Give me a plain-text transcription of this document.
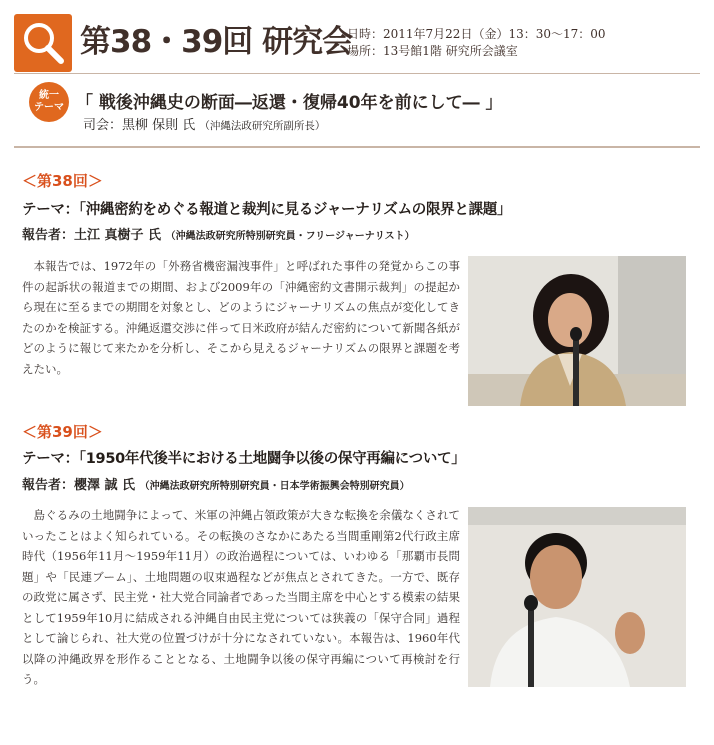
第38・39回 研究会
日時：2011年7月22日（金）13：30～17：00
場所：13号館1階 研究所会議室
統一
テーマ 「 戦後沖縄史の断面―返還・復帰40年を前にして― 」
司会：黒柳 保則 氏 （沖縄法政研究所副所長）
＜第38回＞
テーマ：「沖縄密約をめぐる報道と裁判に見るジャーナリズムの限界と課題」
報告者：土江 真樹子 氏 （沖縄法政研究所特別研究員・フリージャーナリスト）

本報告では、1972年の「外務省機密漏洩事件」と呼ばれた事件の発覚からこの事件の起訴状の報道までの期間、および2009年の「沖縄密約文書開示裁判」の提起から現在に至るまでの期間を対象とし、どのようにジャーナリズムの焦点が変化してきたのかを検証する。沖縄返還交渉に伴って日米政府が結んだ密約について新聞各紙がどのように報じて来たかを分析し、そこから見えるジャーナリズムの限界と課題を考えたい。

＜第39回＞
テーマ：「1950年代後半における土地闘争以後の保守再編について」
報告者：櫻澤 誠 氏 （沖縄法政研究所特別研究員・日本学術振興会特別研究員）

島ぐるみの土地闘争によって、米軍の沖縄占領政策が大きな転換を余儀なくされていったことはよく知られている。その転換のさなかにあたる当間重剛第2代行政主席時代（1956年11月～1959年11月）の政治過程については、いわゆる「那覇市長問題」や「民連ブーム」、土地問題の収束過程などが焦点とされてきた。一方で、既存の政党に属さず、民主党・社大党合同論者であった当間主席を中心とする模索の結果として1959年10月に結成される沖縄自由民主党については狭義の「保守合同」過程として論じられ、社大党の位置づけが十分になされていない。本報告は、1960年代以降の沖縄政界を形作ることとなる、土地闘争以後の保守再編について再検討を行う。
